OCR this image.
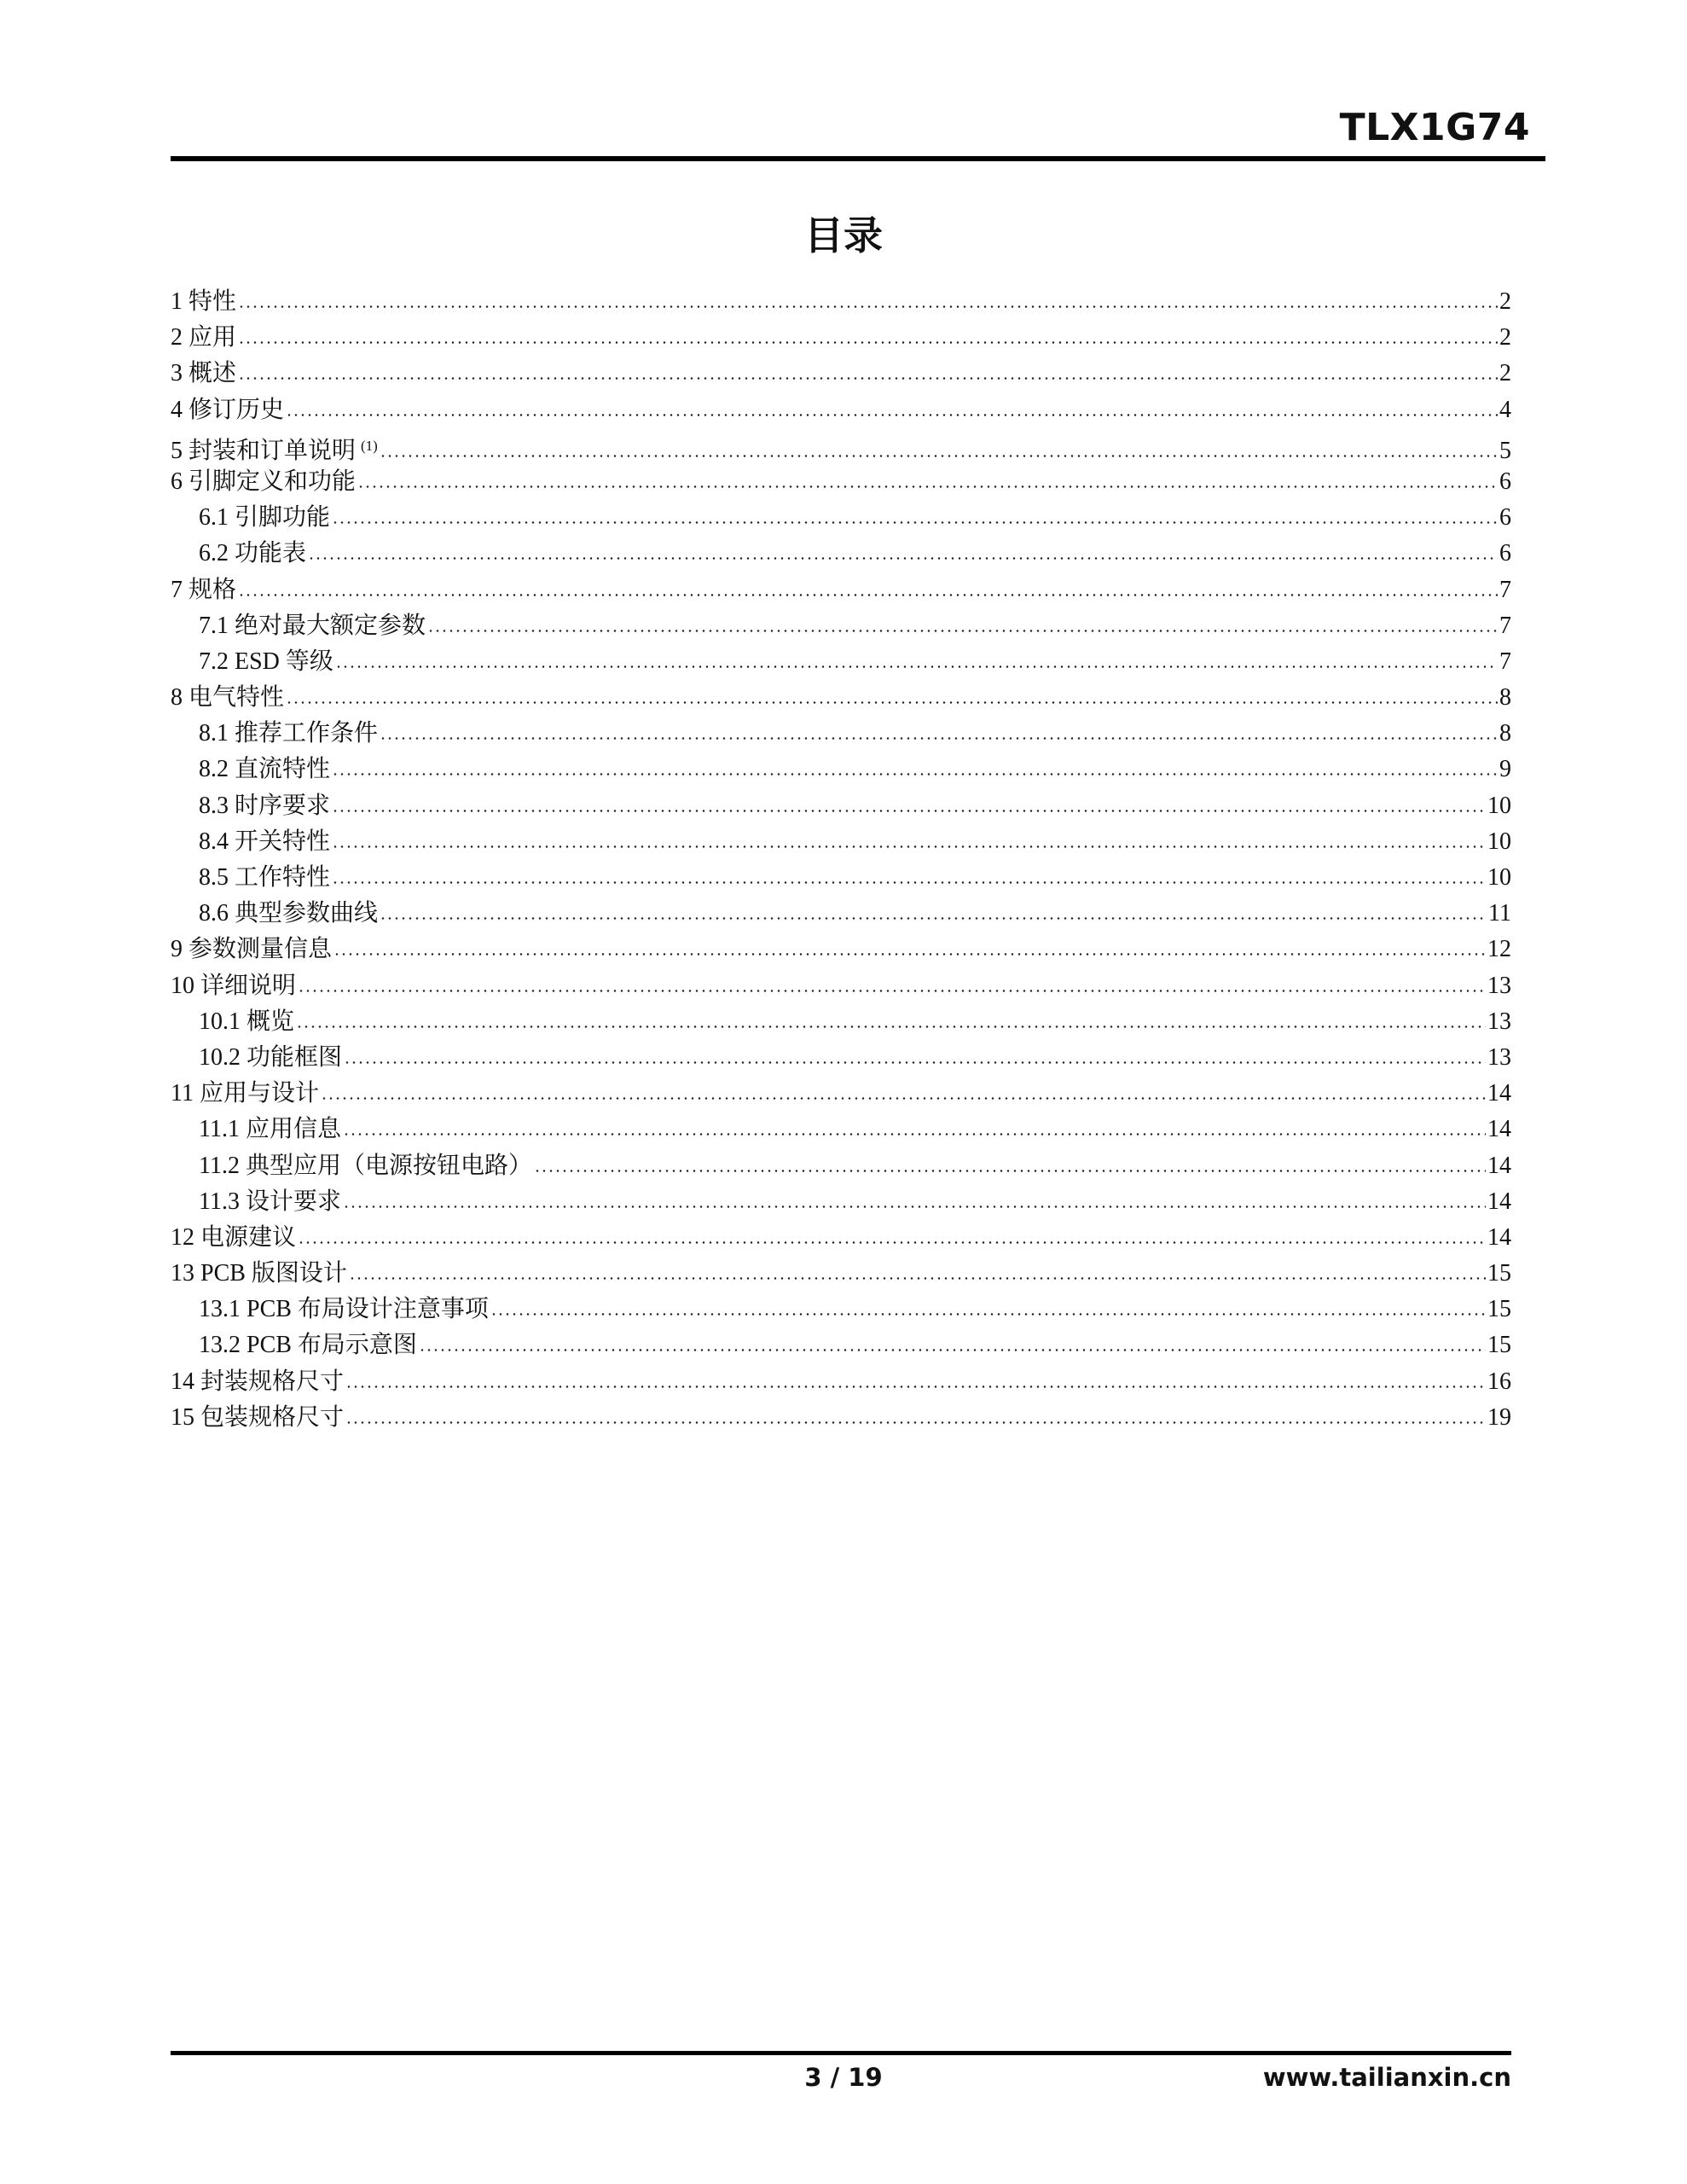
TLX1G74
目录
1 特性	2
2 应用	2
3 概述	2
4 修订历史	4
5 封装和订单说明 $^{(1)}$	5
6 引脚定义和功能	6
6.1 引脚功能	6
6.2 功能表	6
7 规格	7
7.1 绝对最大额定参数	7
7.2 ESD 等级	7
8 电气特性	8
8.1 推荐工作条件	8
8.2 直流特性	9
8.3 时序要求	10
8.4 开关特性	10
8.5 工作特性	10
8.6 典型参数曲线	11
9 参数测量信息	12
10 详细说明	13
10.1 概览	13
10.2 功能框图	13
11 应用与设计	14
11.1 应用信息	14
11.2 典型应用（电源按钮电路）	14
11.3 设计要求	14
12 电源建议	14
13 PCB 版图设计	15
13.1 PCB 布局设计注意事项	15
13.2 PCB 布局示意图	15
14 封装规格尺寸	16
15 包装规格尺寸	19
3 / 19	www.tailianxin.cn
